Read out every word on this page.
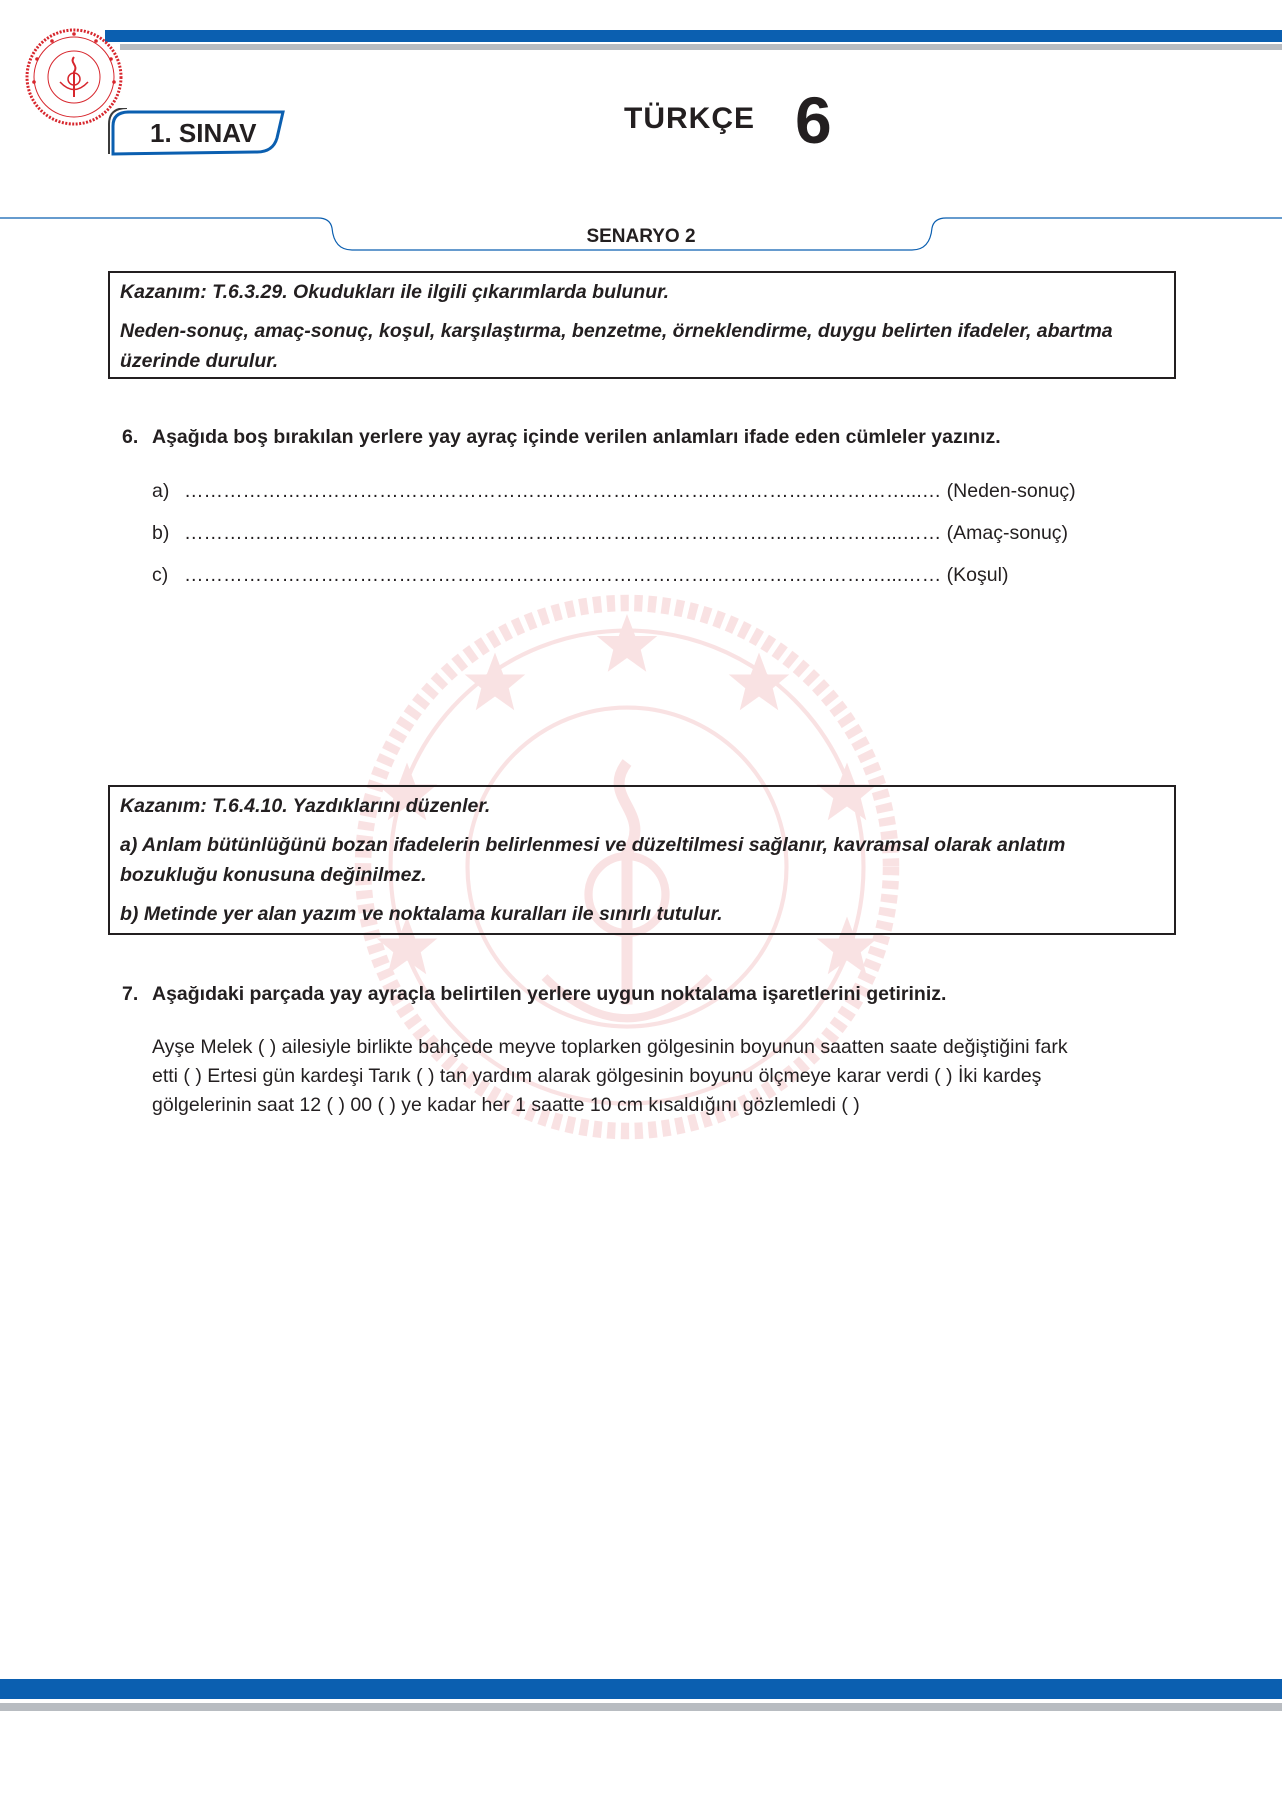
1. SINAV	TÜRKÇE 6
SENARYO 2

Kazanım: T.6.3.29. Okudukları ile ilgili çıkarımlarda bulunur.

Neden-sonuç, amaç-sonuç, koşul, karşılaştırma, benzetme, örneklendirme, duygu belirten ifadeler, abartma üzerinde durulur.

6. Aşağıda boş bırakılan yerlere yay ayraç içinde verilen anlamları ifade eden cümleler yazınız.
a) …………………………………………………………………………………………………...… (Neden-sonuç)
b) ………………………………………………………………………………………………...…… (Amaç-sonuç)
c) ………………………………………………………………………………………………...…… (Koşul)

Kazanım: T.6.4.10. Yazdıklarını düzenler.

a) Anlam bütünlüğünü bozan ifadelerin belirlenmesi ve düzeltilmesi sağlanır, kavramsal olarak anlatım bozukluğu konusuna değinilmez.

b) Metinde yer alan yazım ve noktalama kuralları ile sınırlı tutulur.

7. Aşağıdaki parçada yay ayraçla belirtilen yerlere uygun noktalama işaretlerini getiriniz.

Ayşe Melek ( ) ailesiyle birlikte bahçede meyve toplarken gölgesinin boyunun saatten saate değiştiğini fark

etti ( ) Ertesi gün kardeşi Tarık ( ) tan yardım alarak gölgesinin boyunu ölçmeye karar verdi ( ) İki kardeş

gölgelerinin saat 12 ( ) 00 ( ) ye kadar her 1 saatte 10 cm kısaldığını gözlemledi ( )
